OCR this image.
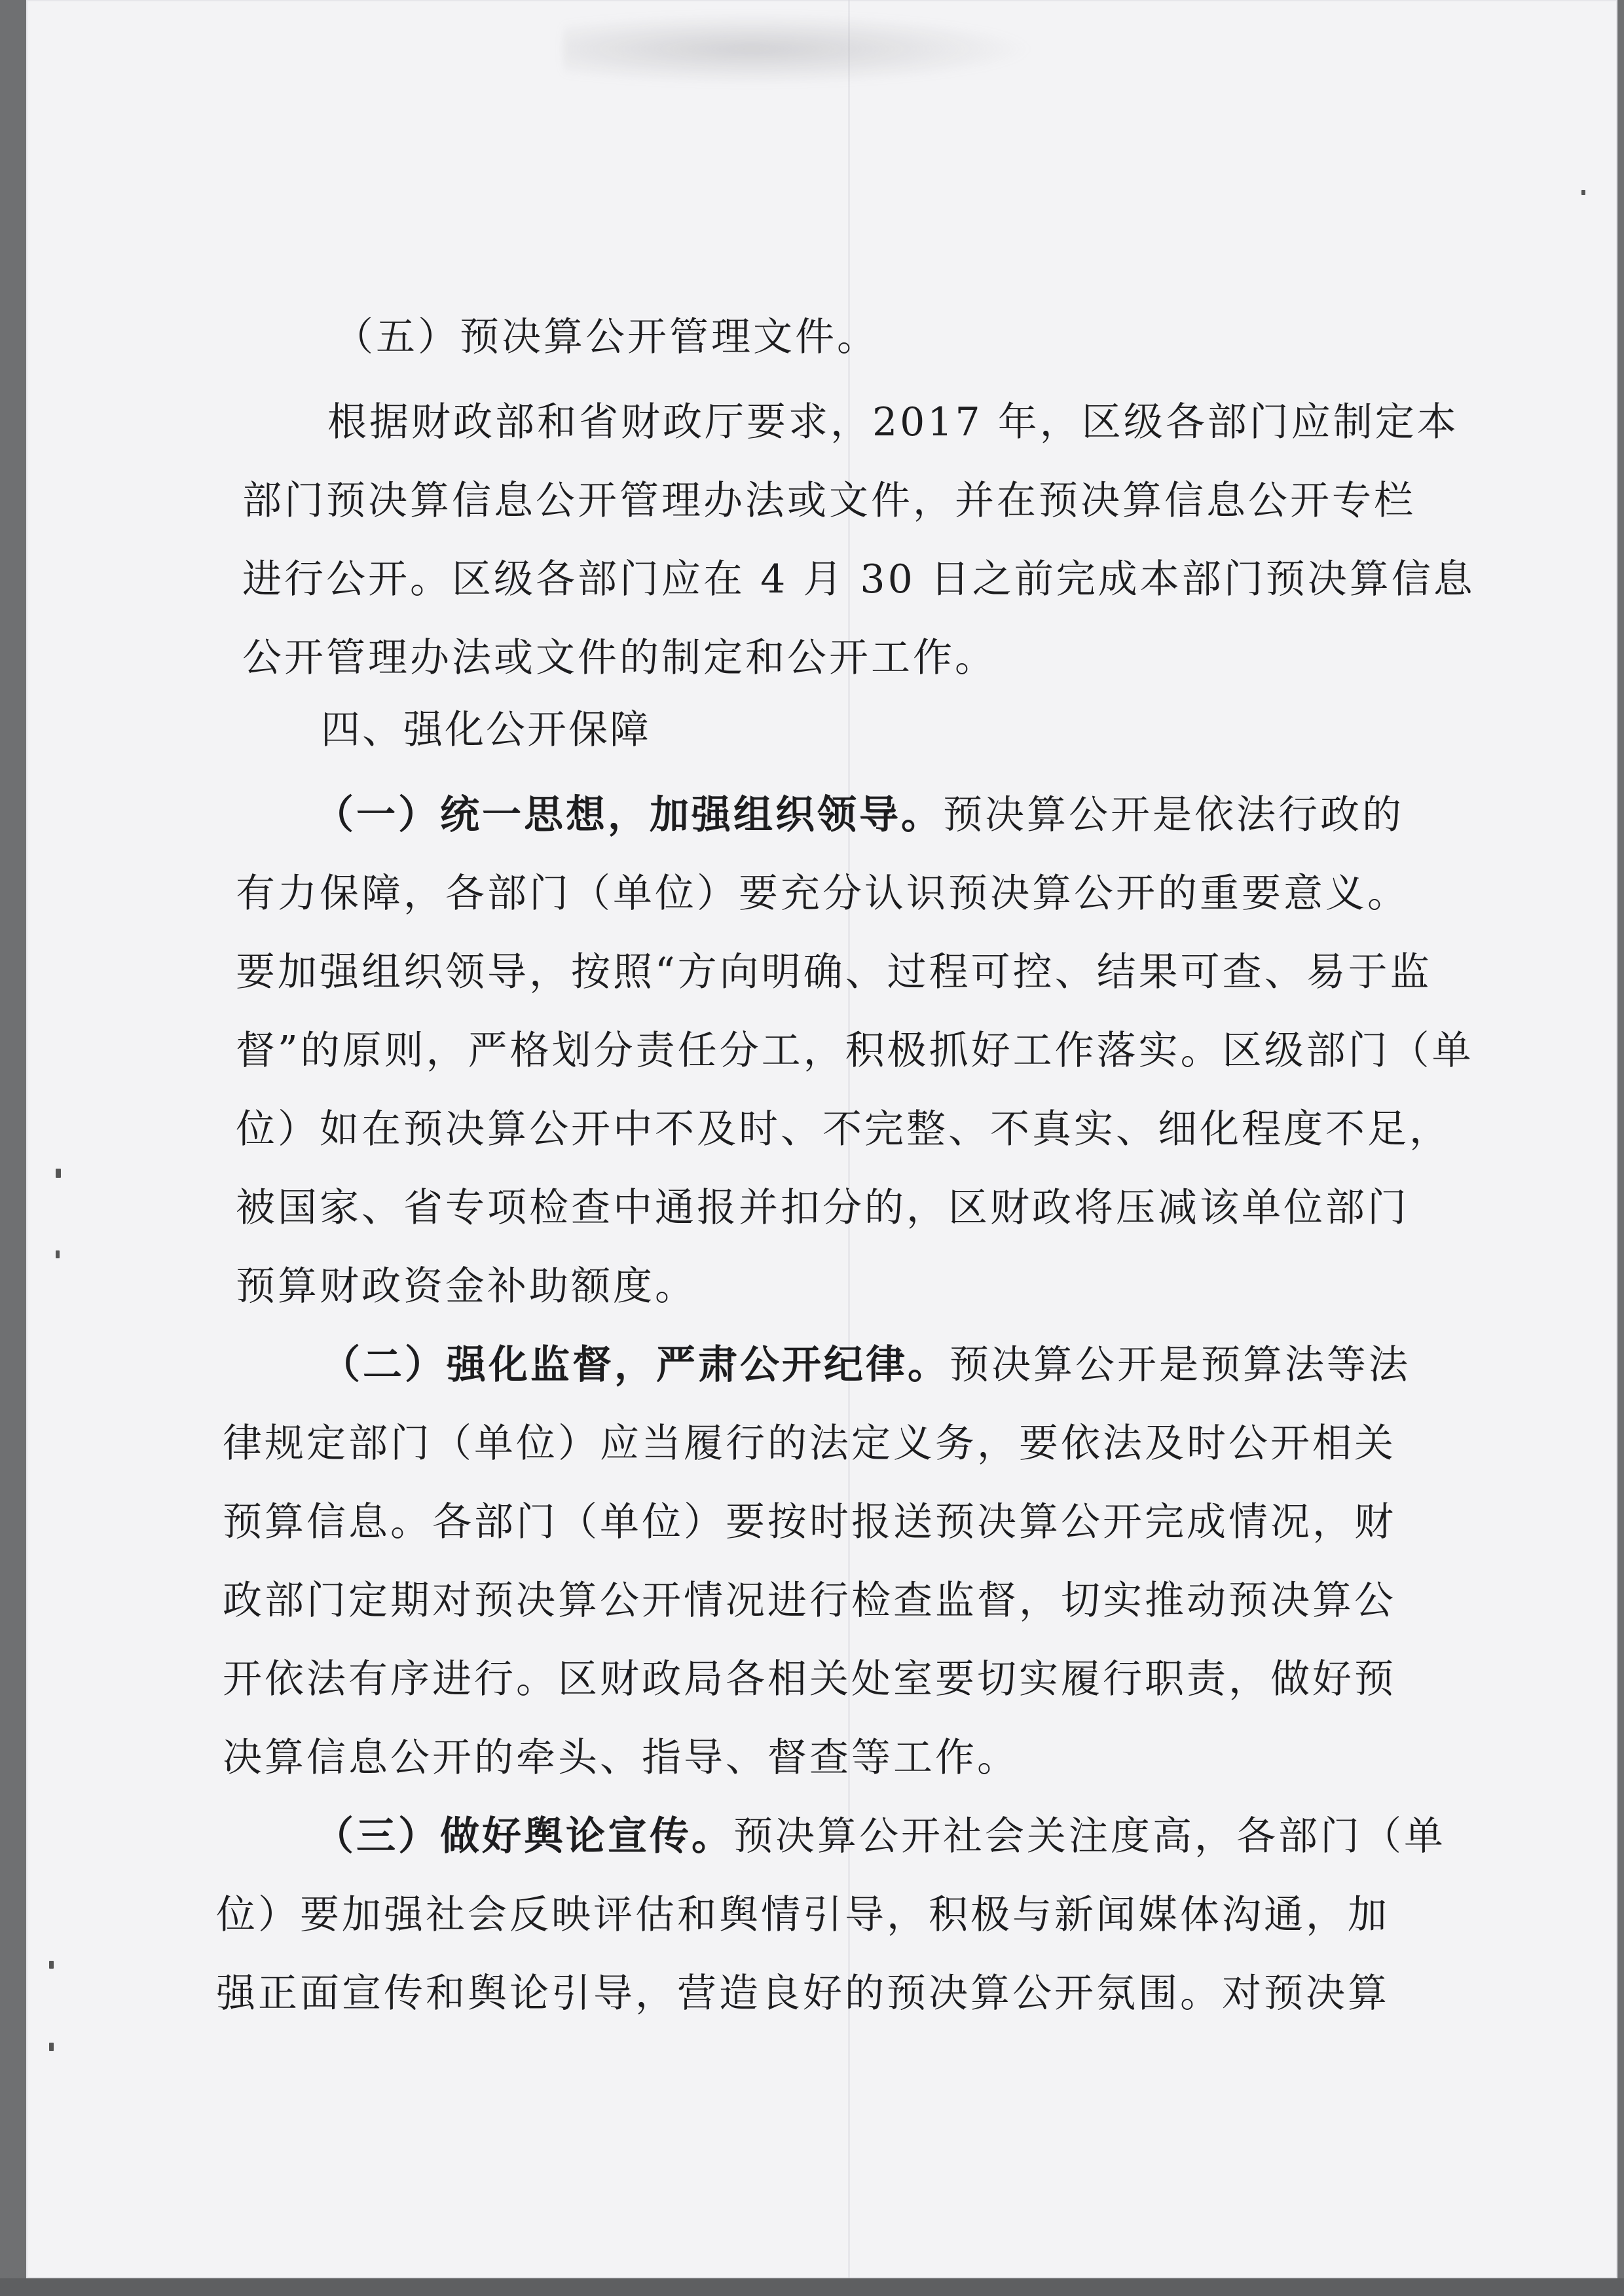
（五）预决算公开管理文件。

根据财政部和省财政厅要求，2017 年，区级各部门应制定本

部门预决算信息公开管理办法或文件，并在预决算信息公开专栏

进行公开。区级各部门应在 4 月 30 日之前完成本部门预决算信息

公开管理办法或文件的制定和公开工作。

四、强化公开保障

（一）统一思想，加强组织领导。预决算公开是依法行政的

有力保障，各部门（单位）要充分认识预决算公开的重要意义。

要加强组织领导，按照“方向明确、过程可控、结果可查、易于监

督”的原则，严格划分责任分工，积极抓好工作落实。区级部门（单

位）如在预决算公开中不及时、不完整、不真实、细化程度不足，

被国家、省专项检查中通报并扣分的，区财政将压减该单位部门

预算财政资金补助额度。

（二）强化监督，严肃公开纪律。预决算公开是预算法等法

律规定部门（单位）应当履行的法定义务，要依法及时公开相关

预算信息。各部门（单位）要按时报送预决算公开完成情况，财

政部门定期对预决算公开情况进行检查监督，切实推动预决算公

开依法有序进行。区财政局各相关处室要切实履行职责，做好预

决算信息公开的牵头、指导、督查等工作。

（三）做好舆论宣传。预决算公开社会关注度高，各部门（单

位）要加强社会反映评估和舆情引导，积极与新闻媒体沟通，加

强正面宣传和舆论引导，营造良好的预决算公开氛围。对预决算
